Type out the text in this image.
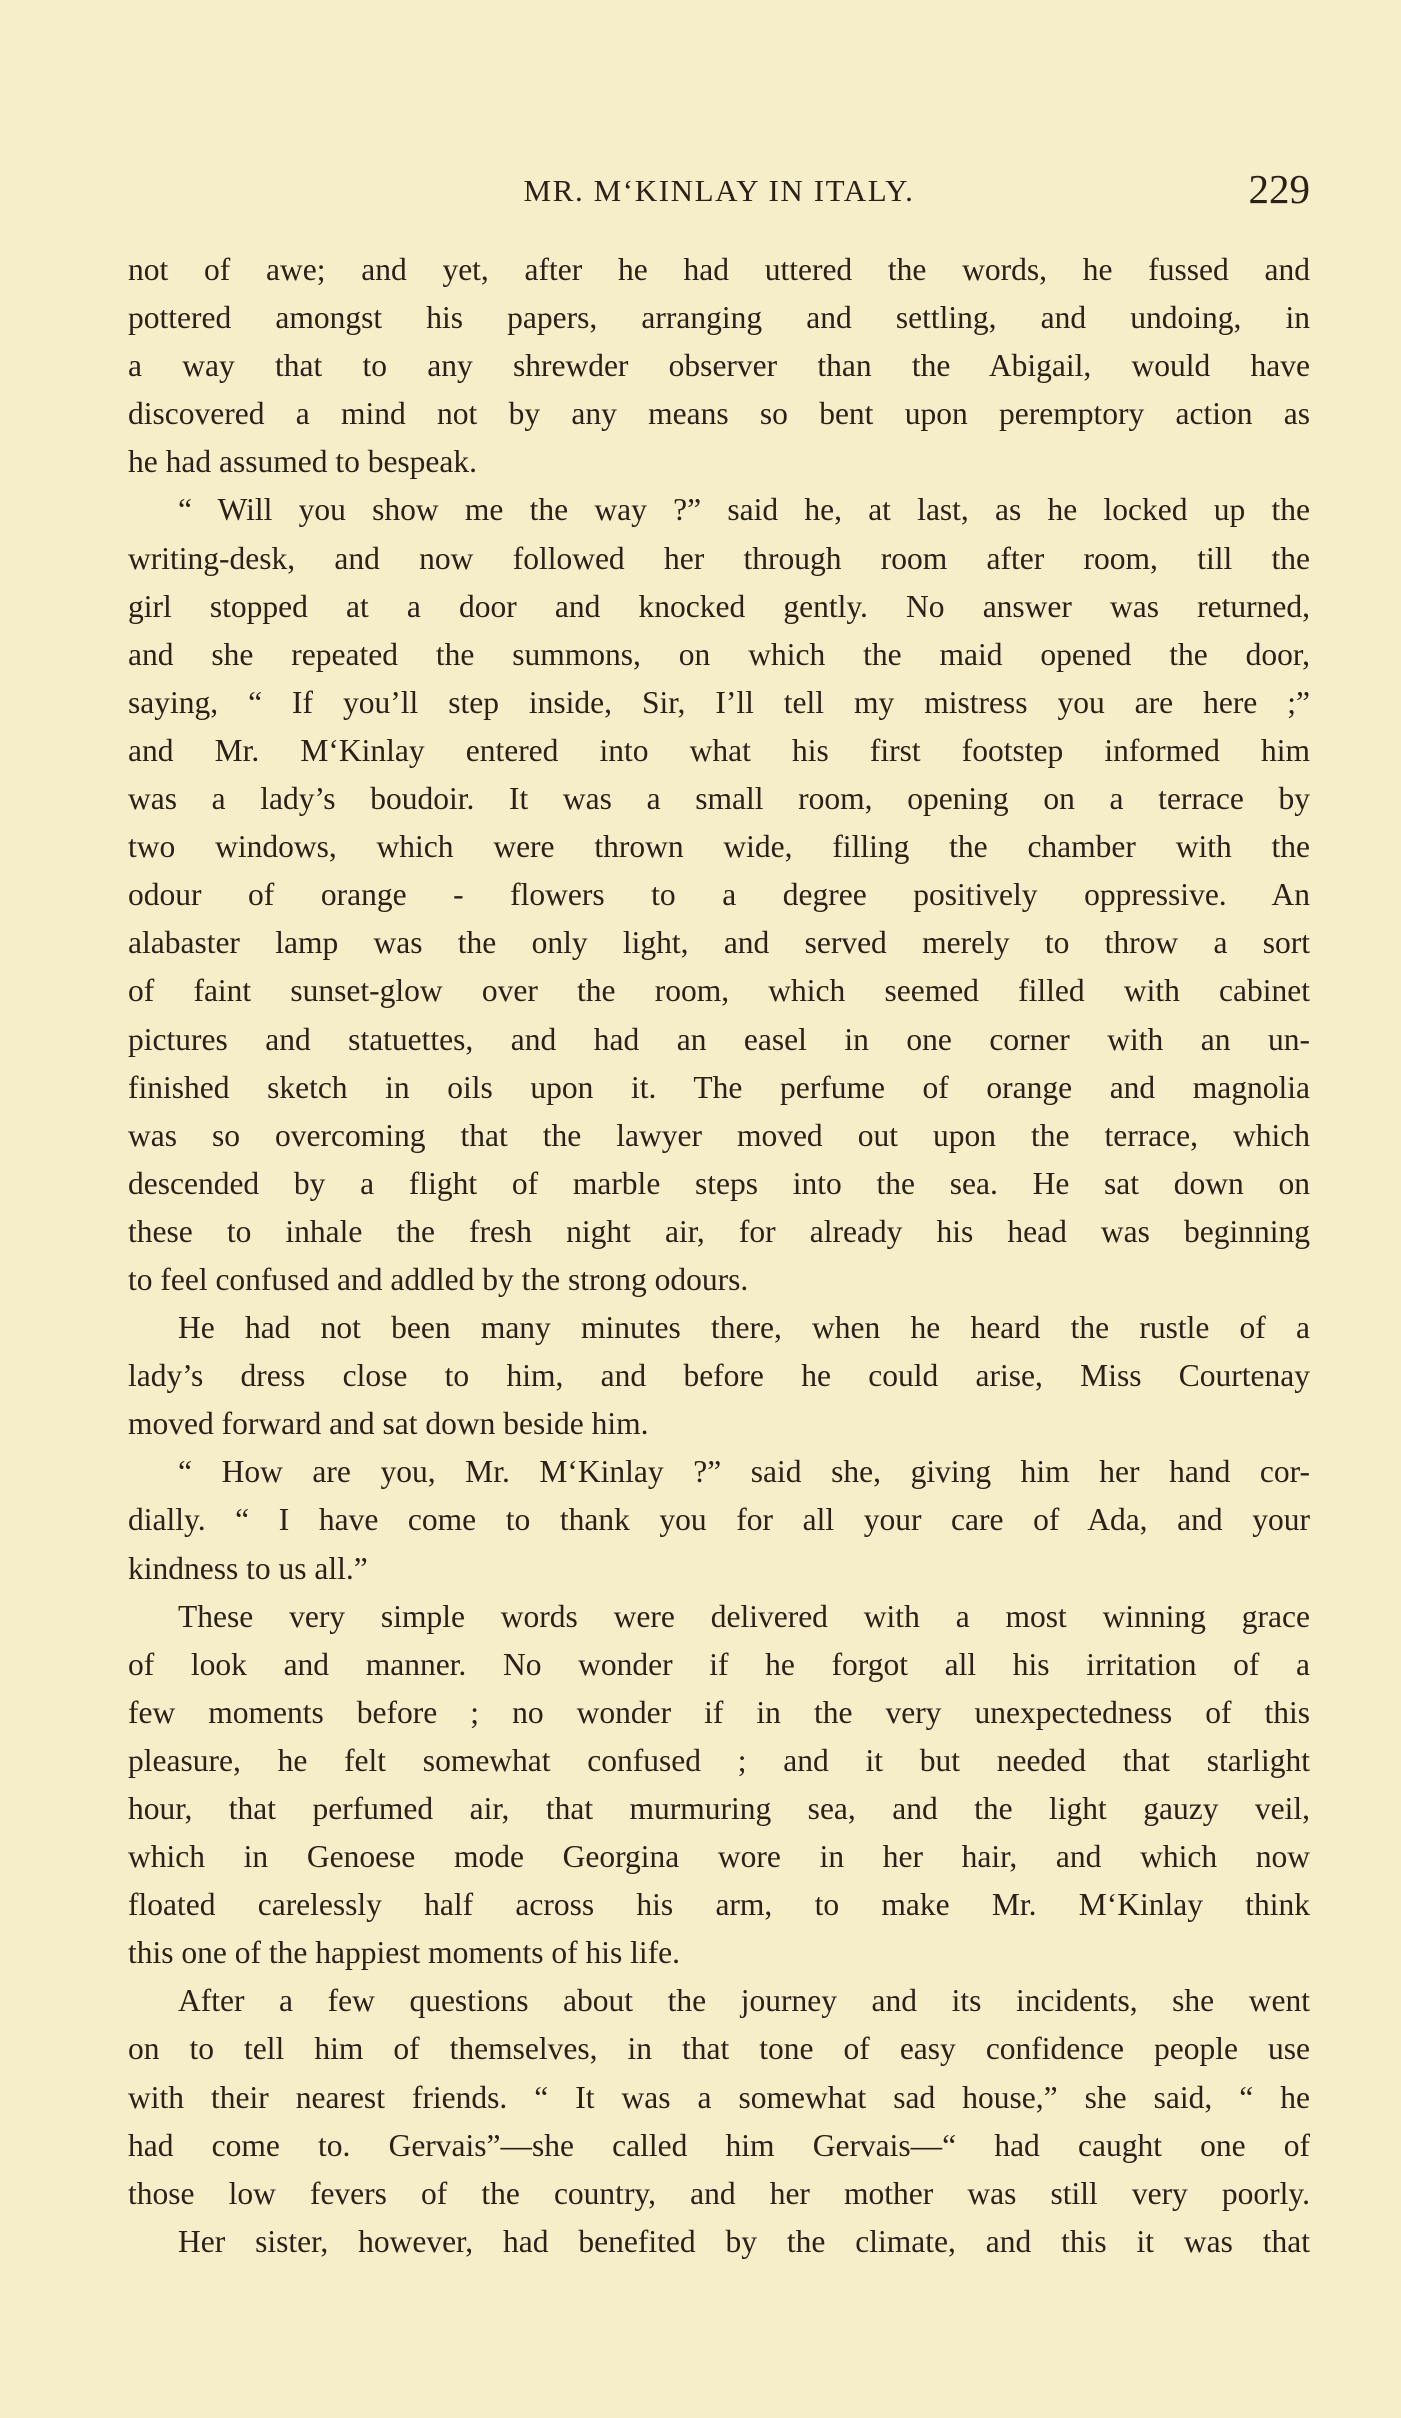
MR. M‘KINLAY IN ITALY.	229
not of awe; and yet, after he had uttered the words, he fussed and
pottered amongst his papers, arranging and settling, and undoing, in
a way that to any shrewder observer than the Abigail, would have
discovered a mind not by any means so bent upon peremptory action as
he had assumed to bespeak.
“ Will you show me the way ?” said he, at last, as he locked up the
writing-desk, and now followed her through room after room, till the
girl stopped at a door and knocked gently. No answer was returned,
and she repeated the summons, on which the maid opened the door,
saying, “ If you’ll step inside, Sir, I’ll tell my mistress you are here ;”
and Mr. M‘Kinlay entered into what his first footstep informed him
was a lady’s boudoir. It was a small room, opening on a terrace by
two windows, which were thrown wide, filling the chamber with the
odour of orange - flowers to a degree positively oppressive. An
alabaster lamp was the only light, and served merely to throw a sort
of faint sunset-glow over the room, which seemed filled with cabinet
pictures and statuettes, and had an easel in one corner with an un-
finished sketch in oils upon it. The perfume of orange and magnolia
was so overcoming that the lawyer moved out upon the terrace, which
descended by a flight of marble steps into the sea. He sat down on
these to inhale the fresh night air, for already his head was beginning
to feel confused and addled by the strong odours.
He had not been many minutes there, when he heard the rustle of a
lady’s dress close to him, and before he could arise, Miss Courtenay
moved forward and sat down beside him.
“ How are you, Mr. M‘Kinlay ?” said she, giving him her hand cor-
dially. “ I have come to thank you for all your care of Ada, and your
kindness to us all.”
These very simple words were delivered with a most winning grace
of look and manner. No wonder if he forgot all his irritation of a
few moments before ; no wonder if in the very unexpectedness of this
pleasure, he felt somewhat confused ; and it but needed that starlight
hour, that perfumed air, that murmuring sea, and the light gauzy veil,
which in Genoese mode Georgina wore in her hair, and which now
floated carelessly half across his arm, to make Mr. M‘Kinlay think
this one of the happiest moments of his life.
After a few questions about the journey and its incidents, she went
on to tell him of themselves, in that tone of easy confidence people use
with their nearest friends. “ It was a somewhat sad house,” she said, “ he
had come to. Gervais”—she called him Gervais—“ had caught one of
those low fevers of the country, and her mother was still very poorly.
Her sister, however, had benefited by the climate, and this it was that
